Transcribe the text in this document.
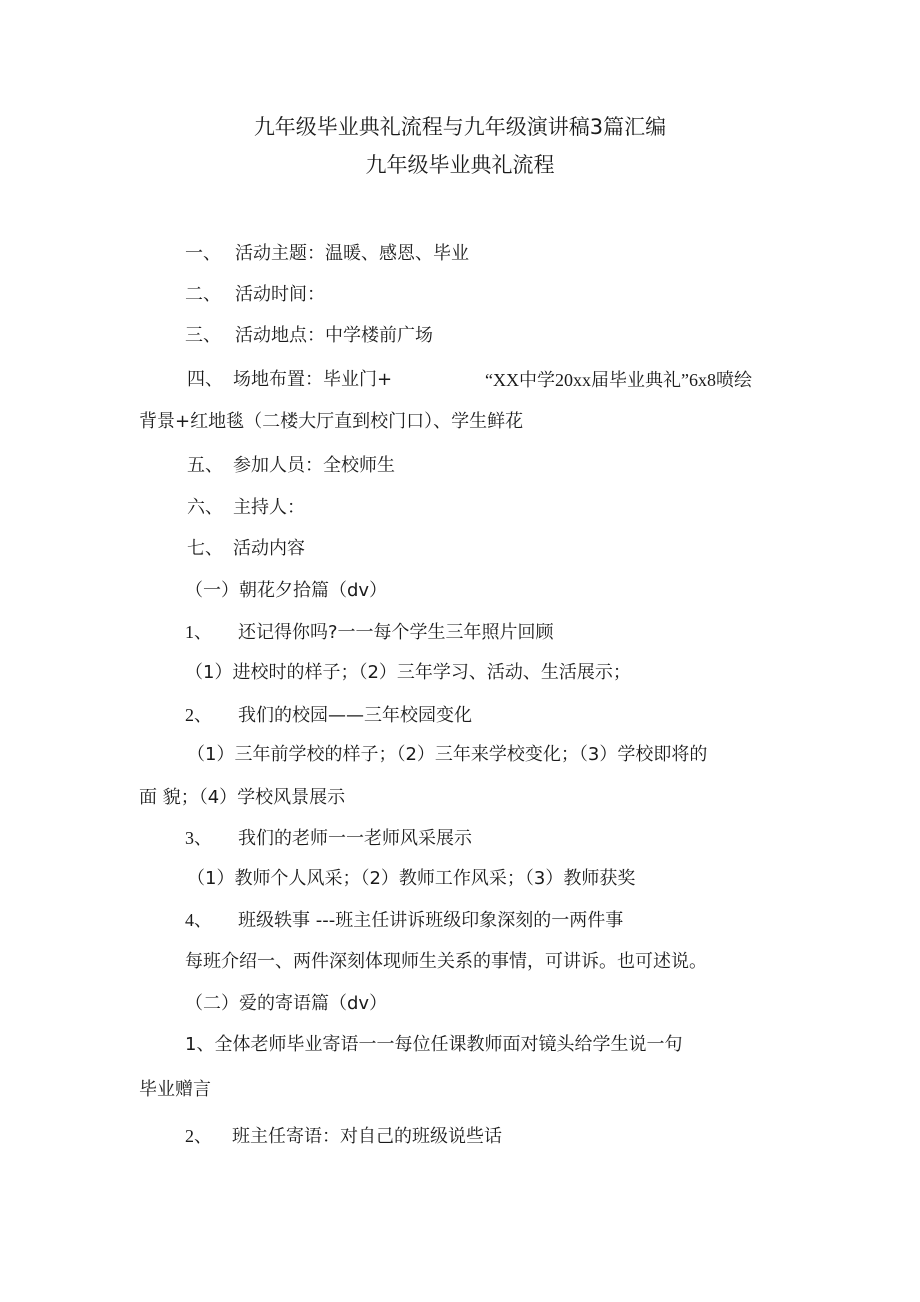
九年级毕业典礼流程与九年级演讲稿3篇汇编
九年级毕业典礼流程
一、 活动主题：温暖、感恩、毕业
二、 活动时间：
三、 活动地点：中学楼前广场
四、 场地布置：毕业门+	“XX中学20xx届毕业典礼”6x8喷绘
背景+红地毯（二楼大厅直到校门口）、学生鲜花
五、 参加人员：全校师生
六、 主持人：
七、 活动内容
（一）朝花夕拾篇（dv）
1、 还记得你吗?一一每个学生三年照片回顾
（1）进校时的样子；（2）三年学习、活动、生活展示；
2、 我们的校园——三年校园变化
（1）三年前学校的样子；（2）三年来学校变化；（3）学校即将的
面 貌；（4）学校风景展示
3、 我们的老师一一老师风采展示
（1）教师个人风采；（2）教师工作风采；（3）教师获奖
4、 班级轶事 ---班主任讲诉班级印象深刻的一两件事
每班介绍一、两件深刻体现师生关系的事情，可讲诉。也可述说。
（二）爱的寄语篇（dv）
1、全体老师毕业寄语一一每位任课教师面对镜头给学生说一句
毕业赠言
2、 班主任寄语：对自己的班级说些话
